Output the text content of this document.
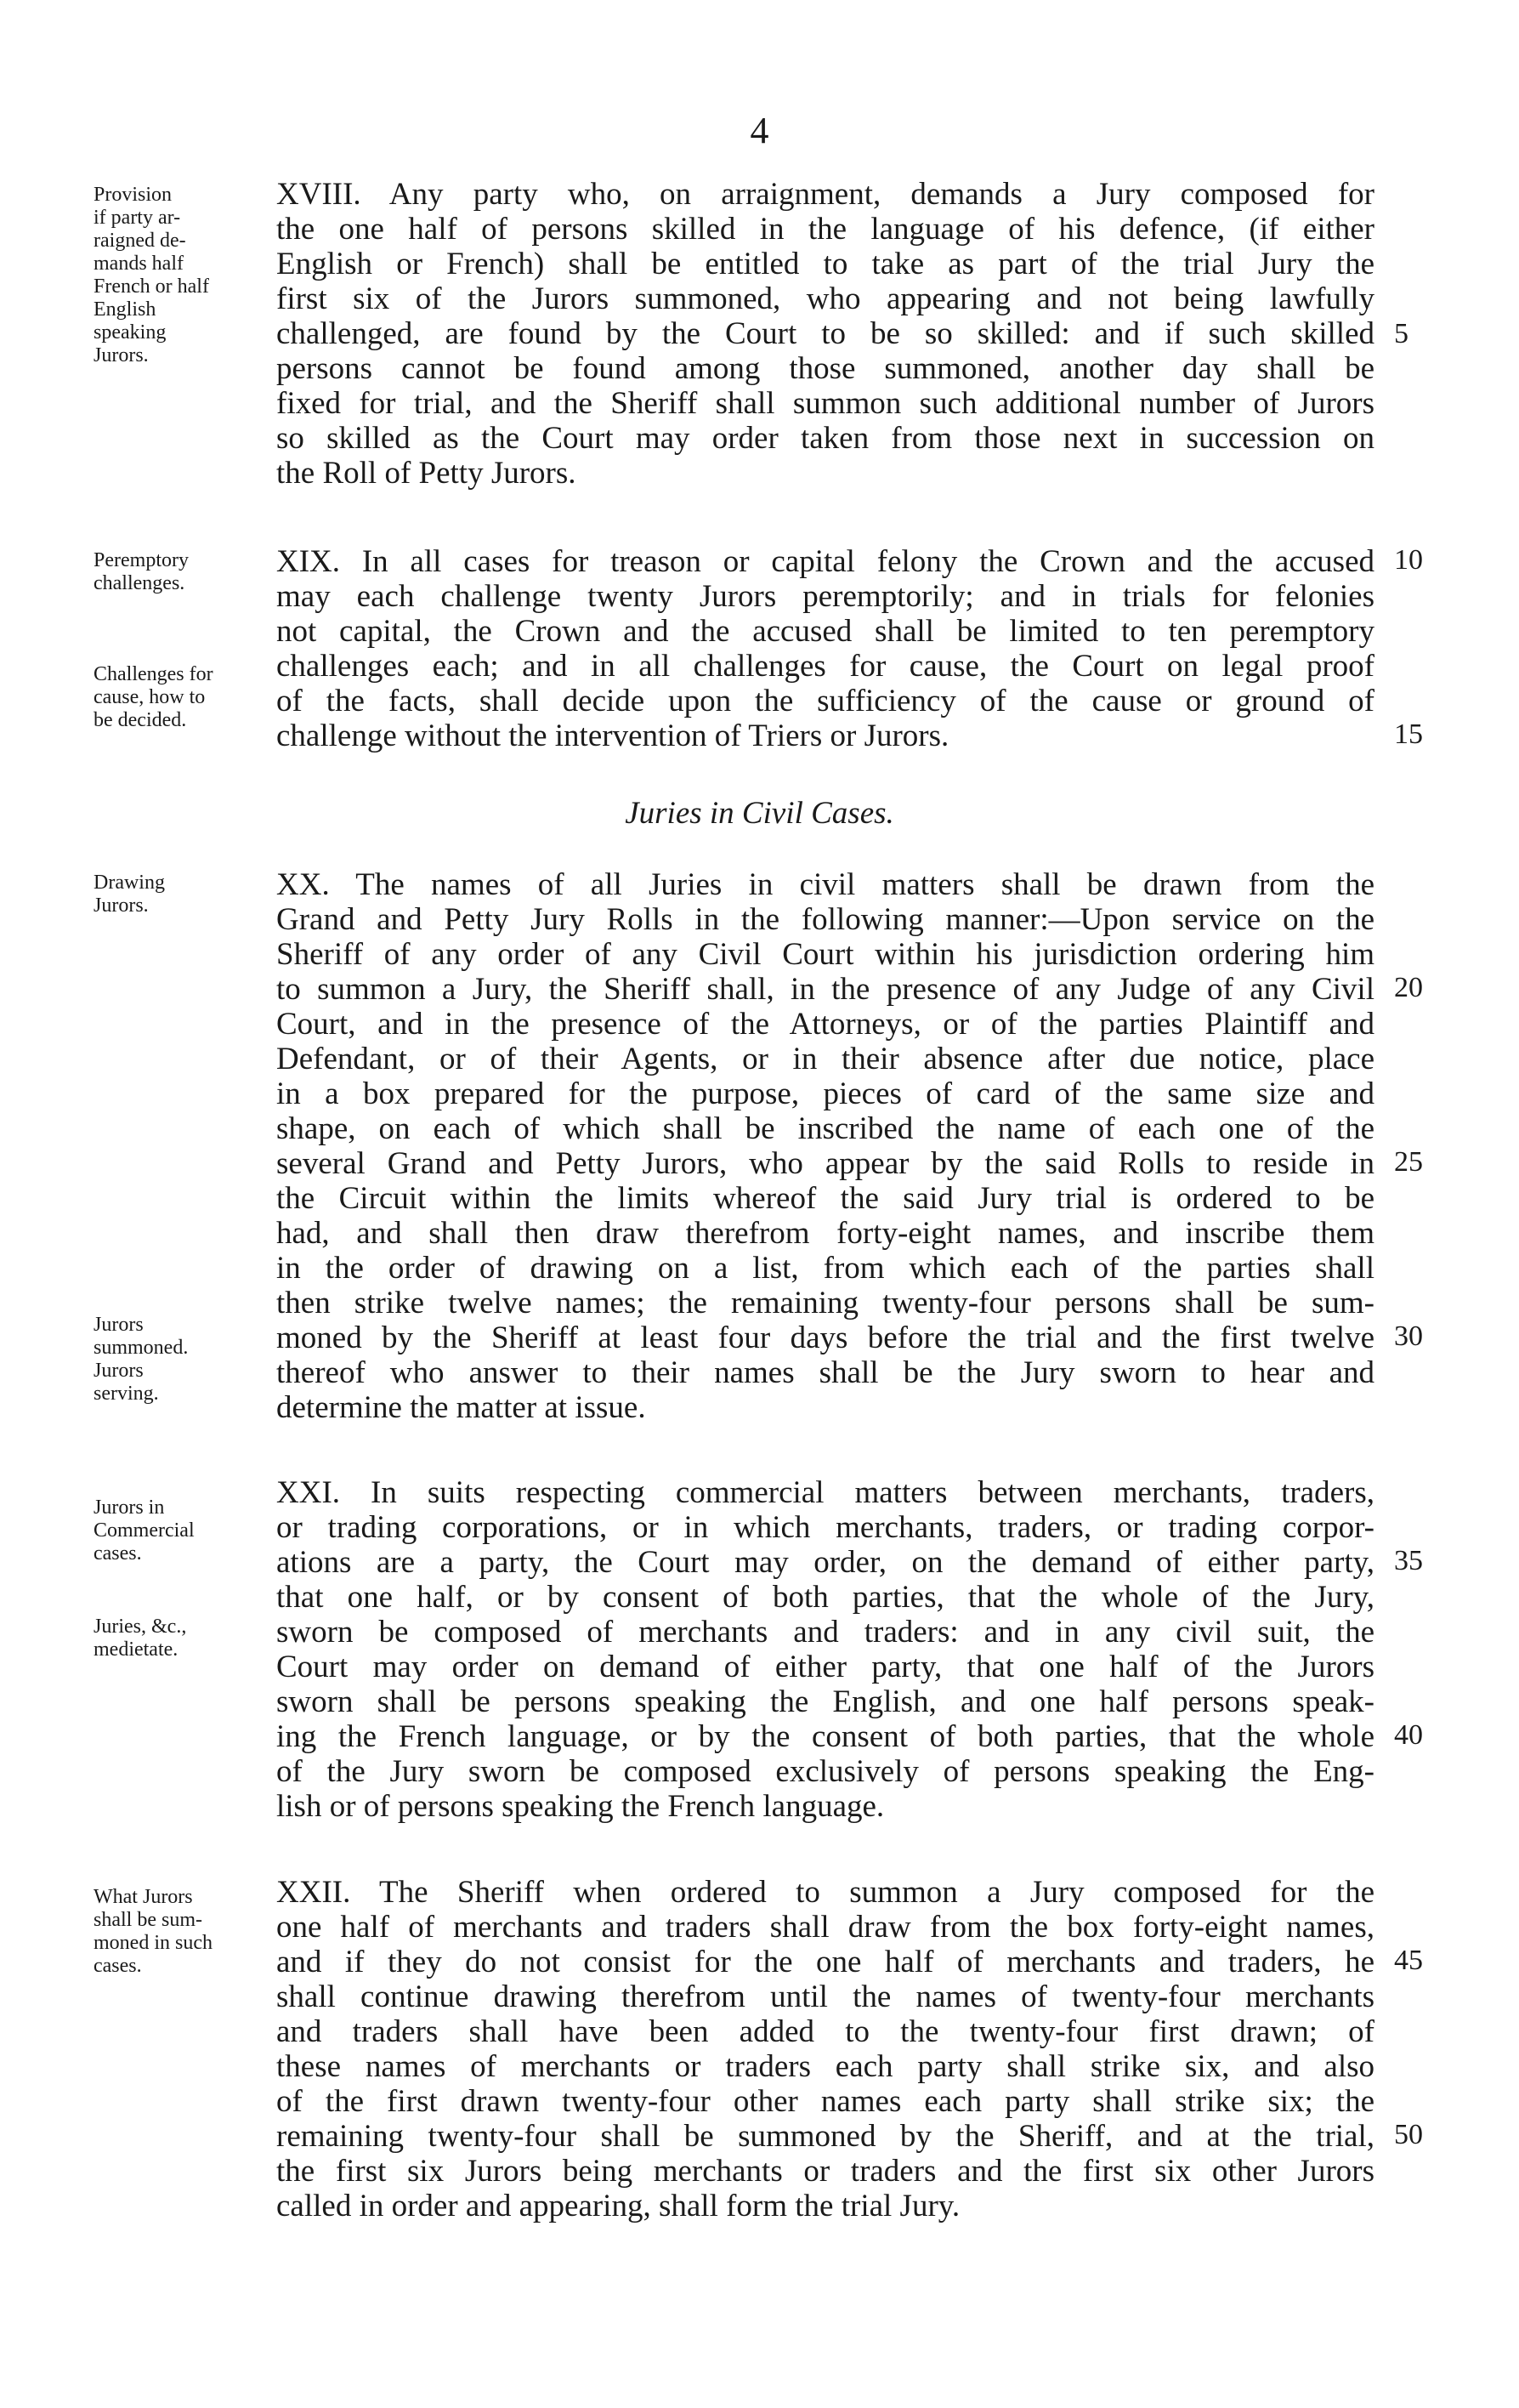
4
Provision
if party ar-
raigned de-
mands half
French or half
English
speaking
Jurors.
XVIII. Any party who, on arraignment, demands a Jury composed for
the one half of persons skilled in the language of his defence, (if either
English or French) shall be entitled to take as part of the trial Jury the
first six of the Jurors summoned, who appearing and not being lawfully
challenged, are found by the Court to be so skilled: and if such skilled
persons cannot be found among those summoned, another day shall be
fixed for trial, and the Sheriff shall summon such additional number of Jurors
so skilled as the Court may order taken from those next in succession on
the Roll of Petty Jurors.
Peremptory
challenges.
Challenges for
cause, how to
be decided.
XIX. In all cases for treason or capital felony the Crown and the accused
may each challenge twenty Jurors peremptorily; and in trials for felonies
not capital, the Crown and the accused shall be limited to ten peremptory
challenges each; and in all challenges for cause, the Court on legal proof
of the facts, shall decide upon the sufficiency of the cause or ground of
challenge without the intervention of Triers or Jurors.
Juries in Civil Cases.
Drawing
Jurors.
Jurors
summoned.
Jurors
serving.
XX. The names of all Juries in civil matters shall be drawn from the
Grand and Petty Jury Rolls in the following manner:—Upon service on the
Sheriff of any order of any Civil Court within his jurisdiction ordering him
to summon a Jury, the Sheriff shall, in the presence of any Judge of any Civil
Court, and in the presence of the Attorneys, or of the parties Plaintiff and
Defendant, or of their Agents, or in their absence after due notice, place
in a box prepared for the purpose, pieces of card of the same size and
shape, on each of which shall be inscribed the name of each one of the
several Grand and Petty Jurors, who appear by the said Rolls to reside in
the Circuit within the limits whereof the said Jury trial is ordered to be
had, and shall then draw therefrom forty-eight names, and inscribe them
in the order of drawing on a list, from which each of the parties shall
then strike twelve names; the remaining twenty-four persons shall be sum-
moned by the Sheriff at least four days before the trial and the first twelve
thereof who answer to their names shall be the Jury sworn to hear and
determine the matter at issue.
Jurors in
Commercial
cases.
Juries, &c.,
medietate.
XXI. In suits respecting commercial matters between merchants, traders,
or trading corporations, or in which merchants, traders, or trading corpor-
ations are a party, the Court may order, on the demand of either party,
that one half, or by consent of both parties, that the whole of the Jury,
sworn be composed of merchants and traders: and in any civil suit, the
Court may order on demand of either party, that one half of the Jurors
sworn shall be persons speaking the English, and one half persons speak-
ing the French language, or by the consent of both parties, that the whole
of the Jury sworn be composed exclusively of persons speaking the Eng-
lish or of persons speaking the French language.
What Jurors
shall be sum-
moned in such
cases.
XXII. The Sheriff when ordered to summon a Jury composed for the
one half of merchants and traders shall draw from the box forty-eight names,
and if they do not consist for the one half of merchants and traders, he
shall continue drawing therefrom until the names of twenty-four merchants
and traders shall have been added to the twenty-four first drawn; of
these names of merchants or traders each party shall strike six, and also
of the first drawn twenty-four other names each party shall strike six; the
remaining twenty-four shall be summoned by the Sheriff, and at the trial,
the first six Jurors being merchants or traders and the first six other Jurors
called in order and appearing, shall form the trial Jury.
5
10
15
20
25
30
35
40
45
50
